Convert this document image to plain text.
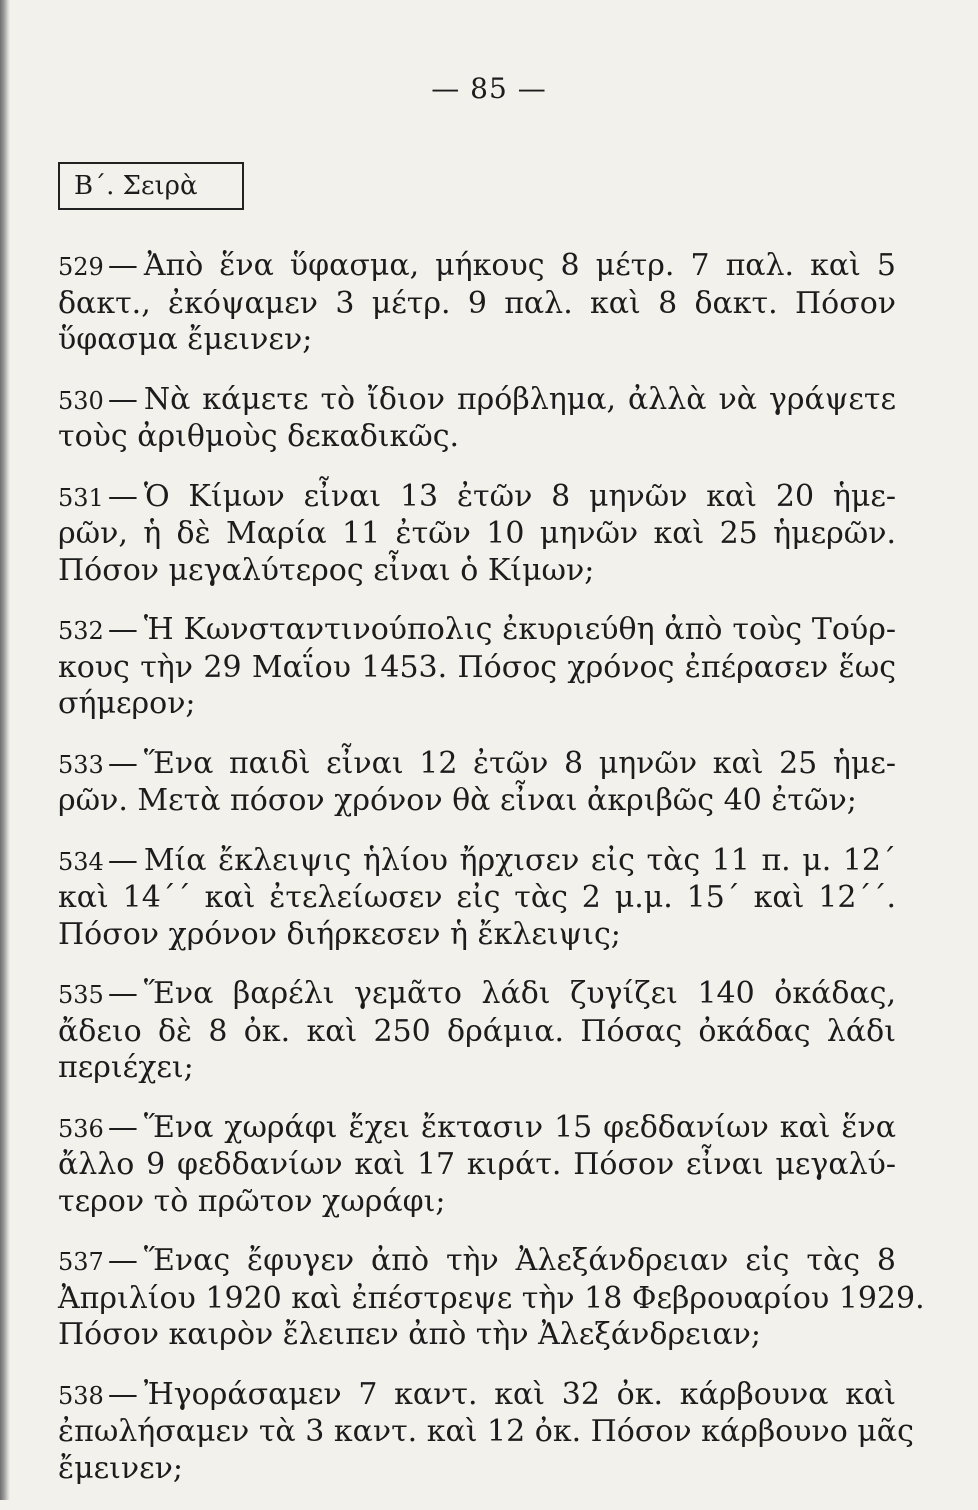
— 85 —
Β΄. Σειρὰ
529 — Ἀπὸ ἕνα ὕφασμα, μήκους 8 μέτρ. 7 παλ. καὶ 5
δακτ., ἐκόψαμεν 3 μέτρ. 9 παλ. καὶ 8 δακτ. Πόσον
ὕφασμα ἔμεινεν;
530 — Νὰ κάμετε τὸ ἴδιον πρόβλημα, ἀλλὰ νὰ γράψετε
τοὺς ἀριθμοὺς δεκαδικῶς.
531 — Ὁ Κίμων εἶναι 13 ἐτῶν 8 μηνῶν καὶ 20 ἡμε-
ρῶν, ἡ δὲ Μαρία 11 ἐτῶν 10 μηνῶν καὶ 25 ἡμερῶν.
Πόσον μεγαλύτερος εἶναι ὁ Κίμων;
532 — Ἡ Κωνσταντινούπολις ἐκυριεύθη ἀπὸ τοὺς Τούρ-
κους τὴν 29 Μαΐου 1453. Πόσος χρόνος ἐπέρασεν ἕως
σήμερον;
533 — Ἕνα παιδὶ εἶναι 12 ἐτῶν 8 μηνῶν καὶ 25 ἡμε-
ρῶν. Μετὰ πόσον χρόνον θὰ εἶναι ἀκριβῶς 40 ἐτῶν;
534 — Μία ἔκλειψις ἡλίου ἤρχισεν εἰς τὰς 11 π. μ. 12΄
καὶ 14΄΄ καὶ ἐτελείωσεν εἰς τὰς 2 μ.μ. 15΄ καὶ 12΄΄.
Πόσον χρόνον διήρκεσεν ἡ ἔκλειψις;
535 — Ἕνα βαρέλι γεμᾶτο λάδι ζυγίζει 140 ὀκάδας,
ἄδειο δὲ 8 ὀκ. καὶ 250 δράμια. Πόσας ὀκάδας λάδι
περιέχει;
536 — Ἕνα χωράφι ἔχει ἔκτασιν 15 φεδδανίων καὶ ἕνα
ἄλλο 9 φεδδανίων καὶ 17 κιράτ. Πόσον εἶναι μεγαλύ-
τερον τὸ πρῶτον χωράφι;
537 — Ἕνας ἔφυγεν ἀπὸ τὴν Ἀλεξάνδρειαν εἰς τὰς 8
Ἀπριλίου 1920 καὶ ἐπέστρεψε τὴν 18 Φεβρουαρίου 1929.
Πόσον καιρὸν ἔλειπεν ἀπὸ τὴν Ἀλεξάνδρειαν;
538 — Ἠγοράσαμεν 7 καντ. καὶ 32 ὀκ. κάρβουνα καὶ
ἐπωλήσαμεν τὰ 3 καντ. καὶ 12 ὀκ. Πόσον κάρβουνο μᾶς
ἔμεινεν;
